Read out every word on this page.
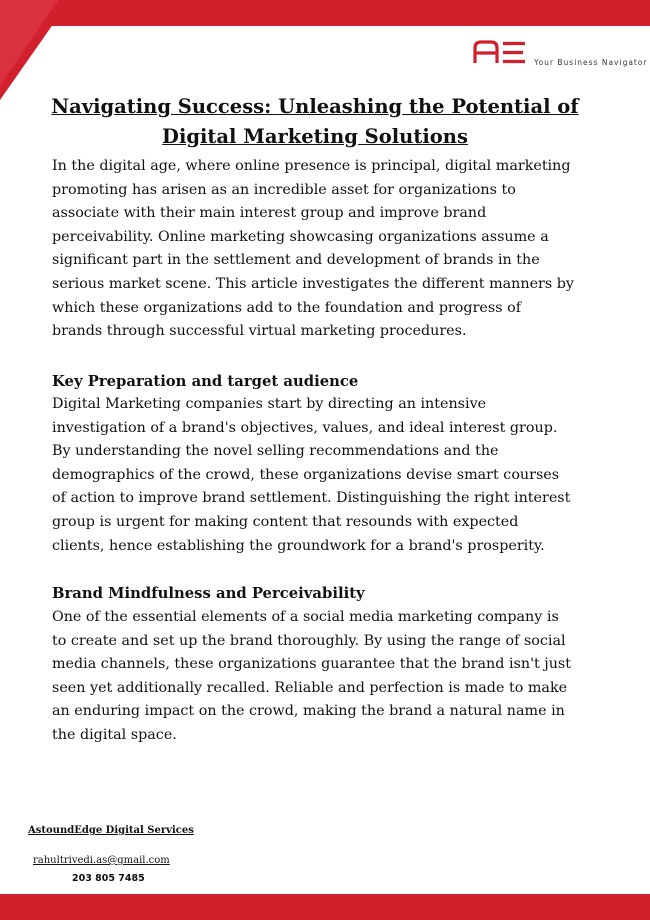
Your Business Navigator
Navigating Success: Unleashing the Potential of
Digital Marketing Solutions
In the digital age, where online presence is principal, digital marketing
promoting has arisen as an incredible asset for organizations to
associate with their main interest group and improve brand
perceivability. Online marketing showcasing organizations assume a
significant part in the settlement and development of brands in the
serious market scene. This article investigates the different manners by
which these organizations add to the foundation and progress of
brands through successful virtual marketing procedures.
Key Preparation and target audience
Digital Marketing companies start by directing an intensive
investigation of a brand's objectives, values, and ideal interest group.
By understanding the novel selling recommendations and the
demographics of the crowd, these organizations devise smart courses
of action to improve brand settlement. Distinguishing the right interest
group is urgent for making content that resounds with expected
clients, hence establishing the groundwork for a brand's prosperity.
Brand Mindfulness and Perceivability
One of the essential elements of a social media marketing company is
to create and set up the brand thoroughly. By using the range of social
media channels, these organizations guarantee that the brand isn't just
seen yet additionally recalled. Reliable and perfection is made to make
an enduring impact on the crowd, making the brand a natural name in
the digital space.
AstoundEdge Digital Services
rahultrivedi.as@gmail.com
203 805 7485
